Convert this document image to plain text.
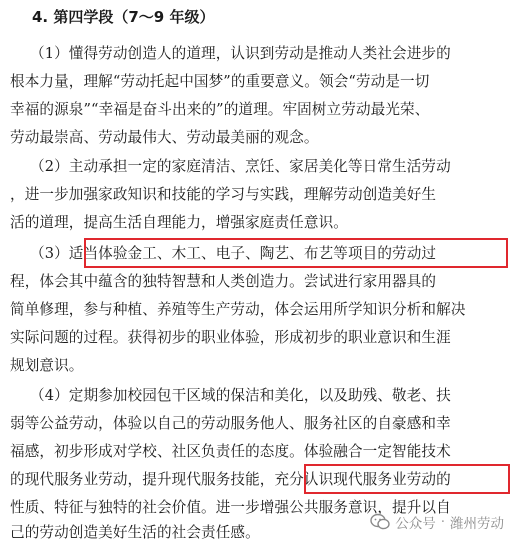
4. 第四学段（7～9 年级）
（1）懂得劳动创造人的道理，认识到劳动是推动人类社会进步的
根本力量，理解“劳动托起中国梦”的重要意义。领会“劳动是一切
幸福的源泉”“幸福是奋斗出来的”的道理。牢固树立劳动最光荣、
劳动最崇高、劳动最伟大、劳动最美丽的观念。
（2）主动承担一定的家庭清洁、烹饪、家居美化等日常生活劳动
，进一步加强家政知识和技能的学习与实践，理解劳动创造美好生
活的道理，提高生活自理能力，增强家庭责任意识。
（3）适当体验金工、木工、电子、陶艺、布艺等项目的劳动过
程，体会其中蕴含的独特智慧和人类创造力。尝试进行家用器具的
简单修理，参与种植、养殖等生产劳动，体会运用所学知识分析和解决
实际问题的过程。获得初步的职业体验，形成初步的职业意识和生涯
规划意识。
（4）定期参加校园包干区域的保洁和美化，以及助残、敬老、扶
弱等公益劳动，体验以自己的劳动服务他人、服务社区的自豪感和幸
福感，初步形成对学校、社区负责任的态度。体验融合一定智能技术
的现代服务业劳动，提升现代服务技能，充分认识现代服务业劳动的
性质、特征与独特的社会价值。进一步增强公共服务意识，提升以自
己的劳动创造美好生活的社会责任感。	公众号 · 潍州劳动
